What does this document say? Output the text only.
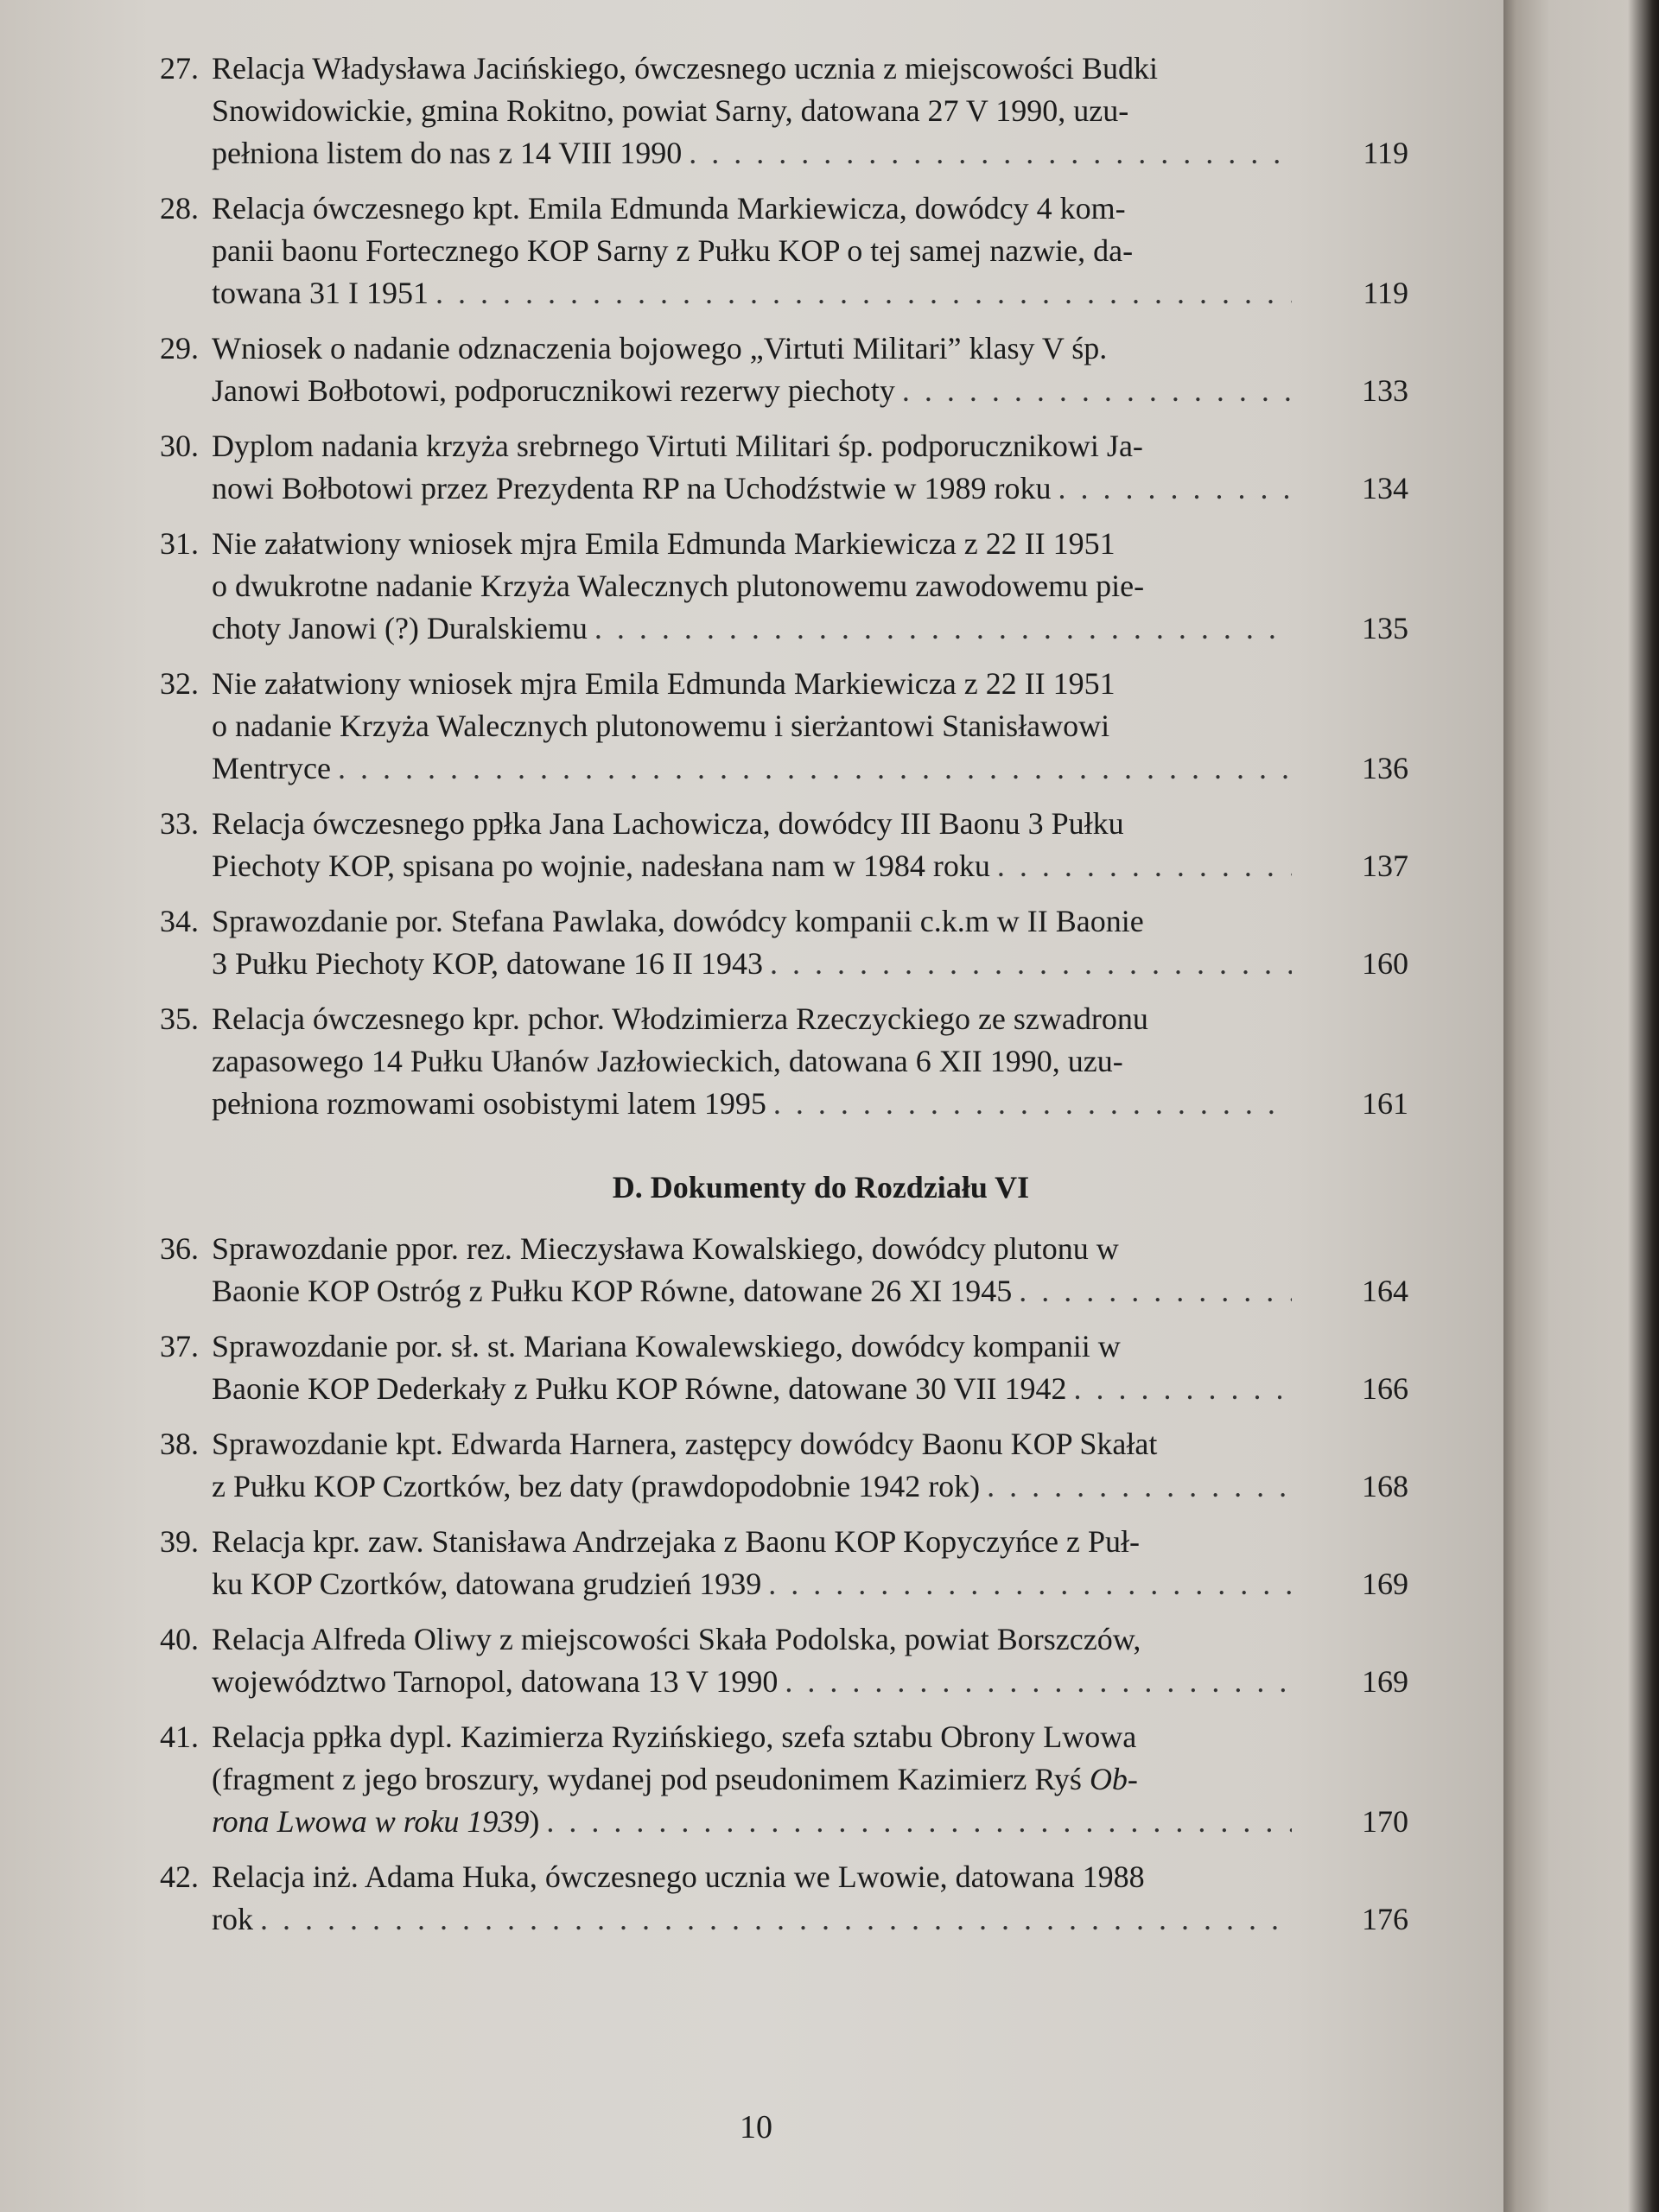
27. Relacja Władysława Jacińskiego, ówczesnego ucznia z miejscowości Budki
Snowidowickie, gmina Rokitno, powiat Sarny, datowana 27 V 1990, uzu-
pełniona listem do nas z 14 VIII 1990 . . .	119
28. Relacja ówczesnego kpt. Emila Edmunda Markiewicza, dowódcy 4 kom-
panii baonu Fortecznego KOP Sarny z Pułku KOP o tej samej nazwie, da-
towana 31 I 1951 . . .	119
29. Wniosek o nadanie odznaczenia bojowego „Virtuti Militari” klasy V śp.
Janowi Bołbotowi, podporucznikowi rezerwy piechoty . . .	133
30. Dyplom nadania krzyża srebrnego Virtuti Militari śp. podporucznikowi Ja-
nowi Bołbotowi przez Prezydenta RP na Uchodźstwie w 1989 roku . . .	134
31. Nie załatwiony wniosek mjra Emila Edmunda Markiewicza z 22 II 1951
o dwukrotne nadanie Krzyża Walecznych plutonowemu zawodowemu pie-
choty Janowi (?) Duralskiemu . . .	135
32. Nie załatwiony wniosek mjra Emila Edmunda Markiewicza z 22 II 1951
o nadanie Krzyża Walecznych plutonowemu i sierżantowi Stanisławowi
Mentryce . . .	136
33. Relacja ówczesnego ppłka Jana Lachowicza, dowódcy III Baonu 3 Pułku
Piechoty KOP, spisana po wojnie, nadesłana nam w 1984 roku . . .	137
34. Sprawozdanie por. Stefana Pawlaka, dowódcy kompanii c.k.m w II Baonie
3 Pułku Piechoty KOP, datowane 16 II 1943 . . .	160
35. Relacja ówczesnego kpr. pchor. Włodzimierza Rzeczyckiego ze szwadronu
zapasowego 14 Pułku Ułanów Jazłowieckich, datowana 6 XII 1990, uzu-
pełniona rozmowami osobistymi latem 1995 . . .	161
D. Dokumenty do Rozdziału VI
36. Sprawozdanie ppor. rez. Mieczysława Kowalskiego, dowódcy plutonu w
Baonie KOP Ostróg z Pułku KOP Równe, datowane 26 XI 1945 . . .	164
37. Sprawozdanie por. sł. st. Mariana Kowalewskiego, dowódcy kompanii w
Baonie KOP Dederkały z Pułku KOP Równe, datowane 30 VII 1942 . . .	166
38. Sprawozdanie kpt. Edwarda Harnera, zastępcy dowódcy Baonu KOP Skałat
z Pułku KOP Czortków, bez daty (prawdopodobnie 1942 rok) . . .	168
39. Relacja kpr. zaw. Stanisława Andrzejaka z Baonu KOP Kopyczyńce z Puł-
ku KOP Czortków, datowana grudzień 1939 . . .	169
40. Relacja Alfreda Oliwy z miejscowości Skała Podolska, powiat Borszczów,
województwo Tarnopol, datowana 13 V 1990 . . .	169
41. Relacja ppłka dypl. Kazimierza Ryzińskiego, szefa sztabu Obrony Lwowa
(fragment z jego broszury, wydanej pod pseudonimem Kazimierz Ryś Ob-
rona Lwowa w roku 1939) . . .	170
42. Relacja inż. Adama Huka, ówczesnego ucznia we Lwowie, datowana 1988
rok . . .	176
10
